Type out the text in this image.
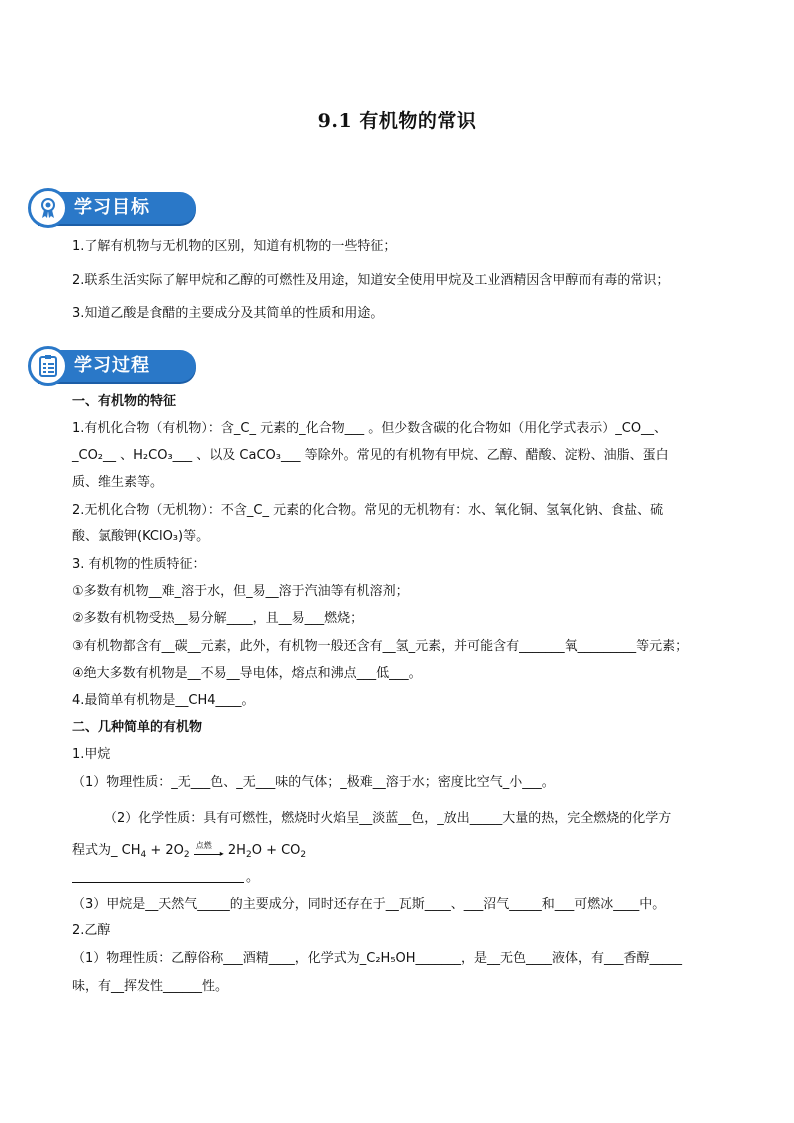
9.1 有机物的常识
学习目标
1.了解有机物与无机物的区别，知道有机物的一些特征；
2.联系生活实际了解甲烷和乙醇的可燃性及用途，知道安全使用甲烷及工业酒精因含甲醇而有毒的常识；
3.知道乙酸是食醋的主要成分及其简单的性质和用途。
学习过程
一、有机物的特征
1.有机化合物（有机物）：含_C_ 元素的_化合物___ 。但少数含碳的化合物如（用化学式表示）_CO__、
_CO₂__ 、H₂CO₃___ 、以及 CaCO₃___ 等除外。常见的有机物有甲烷、乙醇、醋酸、淀粉、油脂、蛋白
质、维生素等。
2.无机化合物（无机物）：不含_C_ 元素的化合物。常见的无机物有：水、氧化铜、氢氧化钠、食盐、硫
酸、氯酸钾(KClO₃)等。
3. 有机物的性质特征：
①多数有机物__难_溶于水，但_易__溶于汽油等有机溶剂；
②多数有机物受热__易分解____，且__易___燃烧；
③有机物都含有__碳__元素，此外，有机物一般还含有__氢_元素，并可能含有_______氧_________等元素；
④绝大多数有机物是__不易__导电体，熔点和沸点___低___。
4.最简单有机物是__CH4____。
二、几种简单的有机物
1.甲烷
（1）物理性质：_无___色、_无___味的气体；_极难__溶于水；密度比空气_小___。
（2）化学性质：具有可燃性，燃烧时火焰呈__淡蓝__色，_放出_____大量的热，完全燃烧的化学方
程式为_ $CH_4 + 2O_2$
点燃
▸ $2H_2O + CO_2$
。
（3）甲烷是__天然气_____的主要成分，同时还存在于__瓦斯____、___沼气_____和___可燃冰____中。
2.乙醇
（1）物理性质：乙醇俗称___酒精____，化学式为_C₂H₅OH_______，是__无色____液体，有___香醇_____
味，有__挥发性______性。
